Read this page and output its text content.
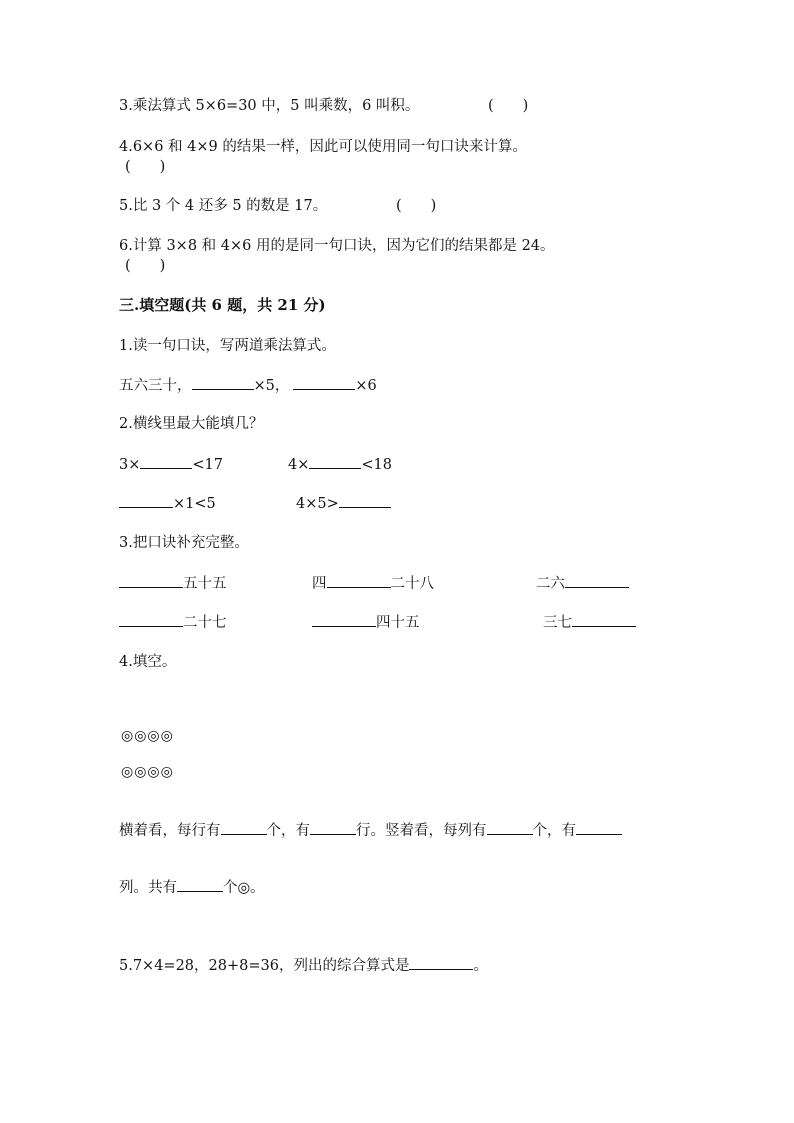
3.乘法算式 5×6=30 中，5 叫乘数，6 叫积。	(　　)
4.6×6 和 4×9 的结果一样，因此可以使用同一句口诀来计算。
(　　)
5.比 3 个 4 还多 5 的数是 17。	(　　)
6.计算 3×8 和 4×6 用的是同一句口诀，因为它们的结果都是 24。
(　　)
三.填空题(共 6 题，共 21 分)
1.读一句口诀，写两道乘法算式。
五六三十，	×5，	×6
2.横线里最大能填几？
3×	<17	4×	<18
×1<5	4×5>
3.把口诀补充完整。
五十五	四	二十八	二六
二十七	四十五	三七
4.填空。
◎◎◎◎
◎◎◎◎
横着看，每行有	个，有	行。竖着看，每列有	个，有
列。共有	个◎。
5.7×4=28，28+8=36，列出的综合算式是	。
